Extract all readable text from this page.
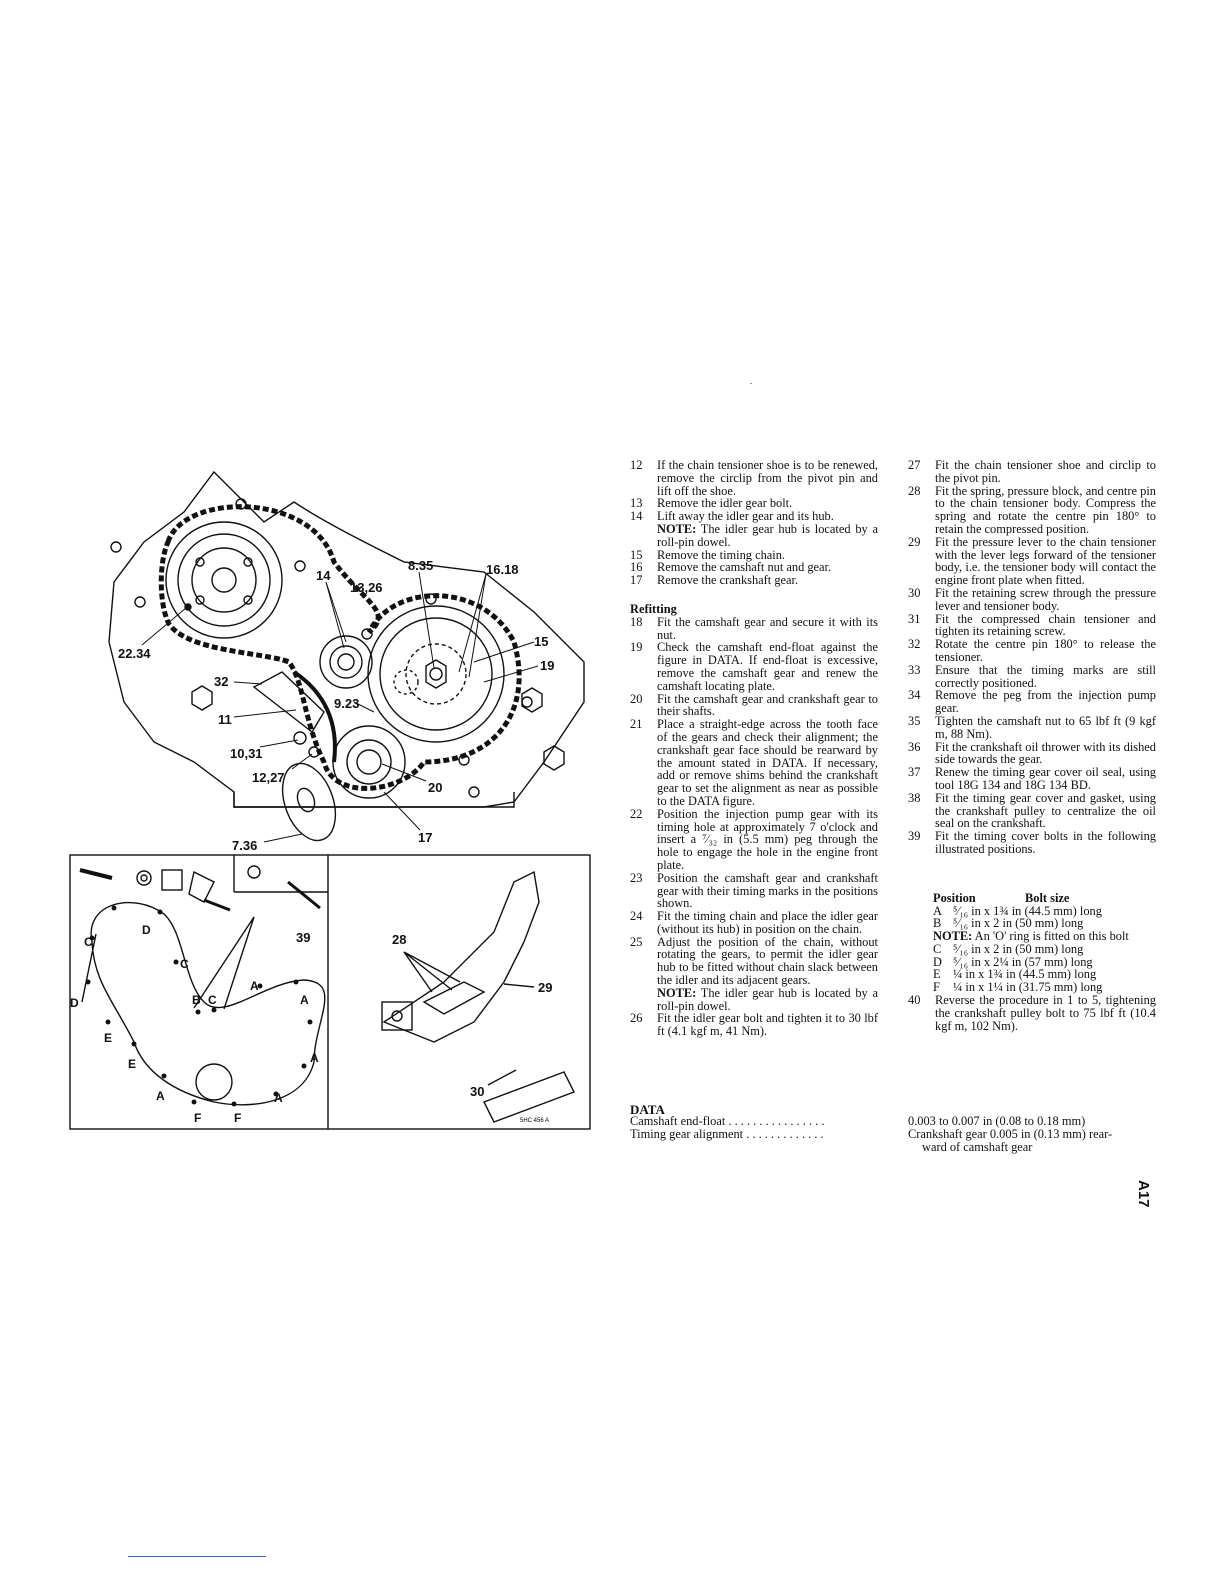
14
13,26
8.35	16.18
15
19
22.34
32
9.23
11
10,31
12,27
20
17
7.36
C
D
C
B C
A
A
A
D
E
E
A
F	F
A
39	28
29
30
5HC 456 A
12	If the chain tensioner shoe is to be renewed, remove the circlip from the pivot pin and lift off the shoe.
13	Remove the idler gear bolt.
14	Lift away the idler gear and its hub.
NOTE: The idler gear hub is located by a roll-pin dowel.
15	Remove the timing chain.
16	Remove the camshaft nut and gear.
17	Remove the crankshaft gear.
Refitting
18	Fit the camshaft gear and secure it with its nut.
19	Check the camshaft end-float against the figure in DATA. If end-float is excessive, remove the camshaft gear and renew the camshaft locating plate.
20	Fit the camshaft gear and crankshaft gear to their shafts.
21	Place a straight-edge across the tooth face of the gears and check their alignment; the crankshaft gear face should be rearward by the amount stated in DATA. If necessary, add or remove shims behind the crankshaft gear to set the alignment as near as possible to the DATA figure.
22	Position the injection pump gear with its timing hole at approximately 7 o'clock and insert a ⁷⁄₃₂ in (5.5 mm) peg through the hole to engage the hole in the engine front plate.
23	Position the camshaft gear and crankshaft gear with their timing marks in the positions shown.
24	Fit the timing chain and place the idler gear (without its hub) in position on the chain.
25	Adjust the position of the chain, without rotating the gears, to permit the idler gear hub to be fitted without chain slack between the idler and its adjacent gears.
NOTE: The idler gear hub is located by a roll-pin dowel.
26	Fit the idler gear bolt and tighten it to 30 lbf ft (4.1 kgf m, 41 Nm).
27	Fit the chain tensioner shoe and circlip to the pivot pin.
28	Fit the spring, pressure block, and centre pin to the chain tensioner body. Compress the spring and rotate the centre pin 180° to retain the compressed position.
29	Fit the pressure lever to the chain tensioner with the lever legs forward of the tensioner body, i.e. the tensioner body will contact the engine front plate when fitted.
30	Fit the retaining screw through the pressure lever and tensioner body.
31	Fit the compressed chain tensioner and tighten its retaining screw.
32	Rotate the centre pin 180° to release the tensioner.
33	Ensure that the timing marks are still correctly positioned.
34	Remove the peg from the injection pump gear.
35	Tighten the camshaft nut to 65 lbf ft (9 kgf m, 88 Nm).
36	Fit the crankshaft oil thrower with its dished side towards the gear.
37	Renew the timing gear cover oil seal, using tool 18G 134 and 18G 134 BD.
38	Fit the timing gear cover and gasket, using the crankshaft pulley to centralize the oil seal on the crankshaft.
39	Fit the timing cover bolts in the following illustrated positions.
Position	Bolt size
A ⁵⁄₁₆ in x 1¾ in (44.5 mm) long
B ⁵⁄₁₆ in x 2 in (50 mm) long
NOTE: An 'O' ring is fitted on this bolt
C ⁵⁄₁₆ in x 2 in (50 mm) long
D ⁵⁄₁₆ in x 2¼ in (57 mm) long
E	¼ in x 1¾ in (44.5 mm) long
F	¼ in x 1¼ in (31.75 mm) long
40	Reverse the procedure in 1 to 5, tightening the crankshaft pulley bolt to 75 lbf ft (10.4 kgf m, 102 Nm).
DATA
Camshaft end-float . . . . . . . . . . . . . . . .	0.003 to 0.007 in (0.08 to 0.18 mm)
Timing gear alignment . . . . . . . . . . . . .	Crankshaft gear 0.005 in (0.13 mm) rear-
ward of camshaft gear
A17
